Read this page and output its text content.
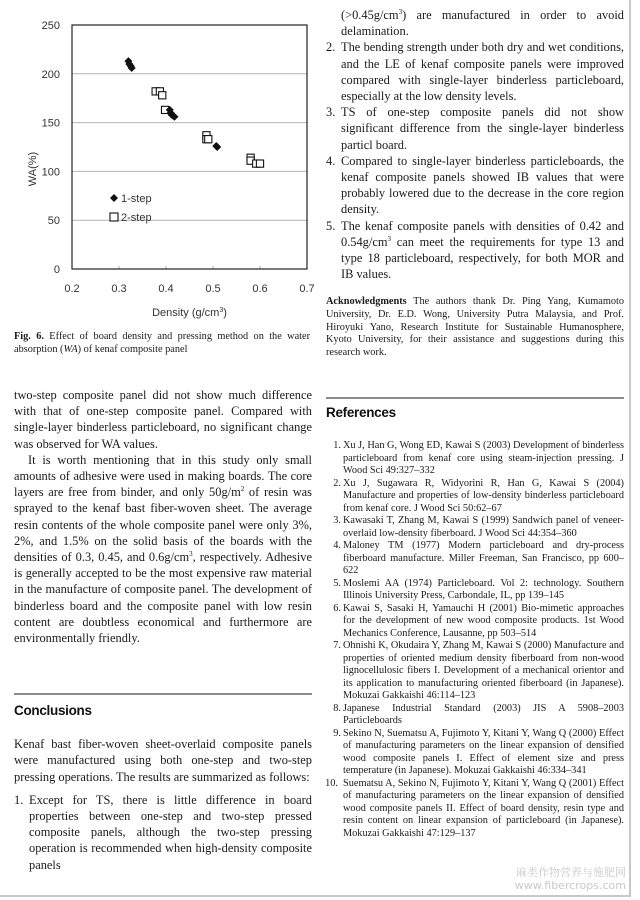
0
50
100
150
200
250
0.2	0.3	0.4	0.5	0.6	0.7
Density $(g/cm^3)$
WA(%)
1-step
2-step
Fig. 6. Effect of board density and pressing method on the water absorption (WA) of kenaf composite panel

two-step composite panel did not show much difference with that of one-step composite panel. Compared with single-layer binderless particleboard, no significant change was observed for WA values.

It is worth mentioning that in this study only small amounts of adhesive were used in making boards. The core layers are free from binder, and only $50g/m^2$ of resin was sprayed to the kenaf bast fiber-woven sheet. The average resin contents of the whole composite panel were only 3%, 2%, and 1.5% on the solid basis of the boards with the densities of 0.3, 0.45, and $0.6g/cm^3$, respectively. Adhesive is generally accepted to be the most expensive raw material in the manufacture of composite panel. The development of binderless board and the composite panel with low resin content are doubtless economical and furthermore are environmentally friendly.

Conclusions

Kenaf bast fiber-woven sheet-overlaid composite panels were manufactured using both one-step and two-step pressing operations. The results are summarized as follows:

1. Except for TS, there is little difference in board properties between one-step and two-step pressed composite panels, although the two-step pressing operation is recommended when high-density composite panels
$(>0.45g/cm^3)$ are manufactured in order to avoid delamination.
2. The bending strength under both dry and wet conditions, and the LE of kenaf composite panels were improved compared with single-layer binderless particleboard, especially at the low density levels.
3. TS of one-step composite panels did not show significant difference from the single-layer binderless particl board.
4. Compared to single-layer binderless particleboards, the kenaf composite panels showed IB values that were probably lowered due to the decrease in the core region density.
5. The kenaf composite panels with densities of 0.42 and $0.54g/cm^3$ can meet the requirements for type 13 and type 18 particleboard, respectively, for both MOR and IB values.

Acknowledgments The authors thank Dr. Ping Yang, Kumamoto University, Dr. E.D. Wong, University Putra Malaysia, and Prof. Hiroyuki Yano, Research Institute for Sustainable Humanosphere, Kyoto University, for their assistance and suggestions during this research work.

References
1. Xu J, Han G, Wong ED, Kawai S (2003) Development of binderless particleboard from kenaf core using steam-injection pressing. J Wood Sci 49:327–332
2. Xu J, Sugawara R, Widyorini R, Han G, Kawai S (2004) Manufacture and properties of low-density binderless particleboard from kenaf core. J Wood Sci 50:62–67
3. Kawasaki T, Zhang M, Kawai S (1999) Sandwich panel of veneer-overlaid low-density fiberboard. J Wood Sci 44:354–360
4. Maloney TM (1977) Modern particleboard and dry-process fiberboard manufacture. Miller Freeman, San Francisco, pp 600–622
5. Moslemi AA (1974) Particleboard. Vol 2: technology. Southern Illinois University Press, Carbondale, IL, pp 139–145
6. Kawai S, Sasaki H, Yamauchi H (2001) Bio-mimetic approaches for the development of new wood composite products. 1st Wood Mechanics Conference, Lausanne, pp 503–514
7. Ohnishi K, Okudaira Y, Zhang M, Kawai S (2000) Manufacture and properties of oriented medium density fiberboard from non-wood lignocellulosic fibers I. Development of a mechanical orientor and its application to manufacturing oriented fiberboard (in Japanese). Mokuzai Gakkaishi 46:114–123
8. Japanese Industrial Standard (2003) JIS A 5908–2003 Particleboards
9. Sekino N, Suematsu A, Fujimoto Y, Kitani Y, Wang Q (2000) Effect of manufacturing parameters on the linear expansion of densified wood composite panels I. Effect of element size and press temperature (in Japanese). Mokuzai Gakkaishi 46:334–341
10. Suematsu A, Sekino N, Fujimoto Y, Kitani Y, Wang Q (2001) Effect of manufacturing parameters on the linear expansion of densified wood composite panels II. Effect of board density, resin type and resin content on linear expansion of particleboard (in Japanese). Mokuzai Gakkaishi 47:129–137
麻类作物营养与施肥网
www.fibercrops.com
